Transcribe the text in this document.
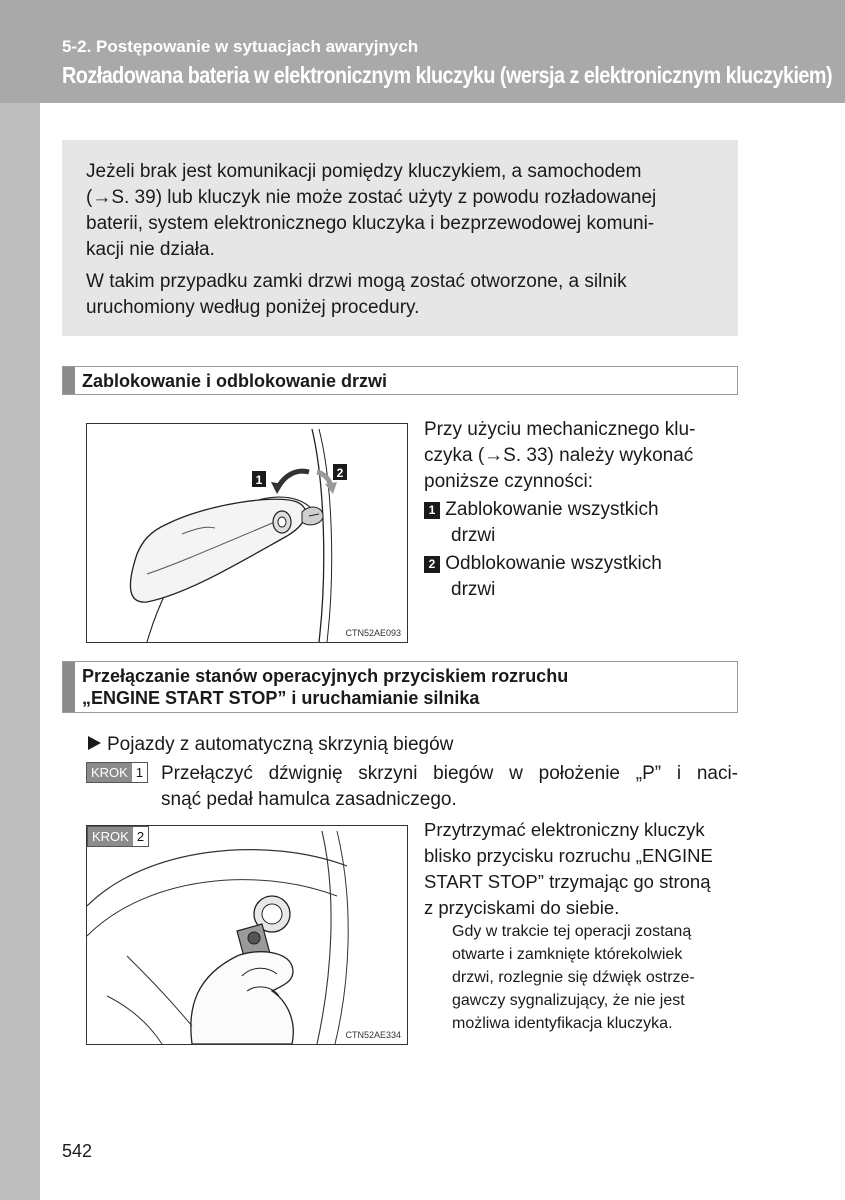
5-2. Postępowanie w sytuacjach awaryjnych
Rozładowana bateria w elektronicznym kluczyku (wersja z elektronicznym kluczykiem)
Jeżeli brak jest komunikacji pomiędzy kluczykiem, a samochodem
(→S. 39) lub kluczyk nie może zostać użyty z powodu rozładowanej
baterii, system elektronicznego kluczyka i bezprzewodowej komuni-
kacji nie działa.
W takim przypadku zamki drzwi mogą zostać otworzone, a silnik
uruchomiony według poniżej procedury.
Zablokowanie i odblokowanie drzwi
1	2
CTN52AE093
Przy użyciu mechanicznego klu-
czyka (→S. 33) należy wykonać
poniższe czynności:
1 Zablokowanie wszystkich
drzwi
2 Odblokowanie wszystkich
drzwi
Przełączanie stanów operacyjnych przyciskiem rozruchu
„ENGINE START STOP” i uruchamianie silnika
Pojazdy z automatyczną skrzynią biegów
KROK 1 Przełączyć dźwignię skrzyni biegów w położenie „P” i naci-
snąć pedał hamulca zasadniczego.
KROK 2
CTN52AE334
Przytrzymać elektroniczny kluczyk
blisko przycisku rozruchu „ENGINE
START STOP” trzymając go stroną
z przyciskami do siebie.
Gdy w trakcie tej operacji zostaną
otwarte i zamknięte którekolwiek
drzwi, rozlegnie się dźwięk ostrze-
gawczy sygnalizujący, że nie jest
możliwa identyfikacja kluczyka.
542
